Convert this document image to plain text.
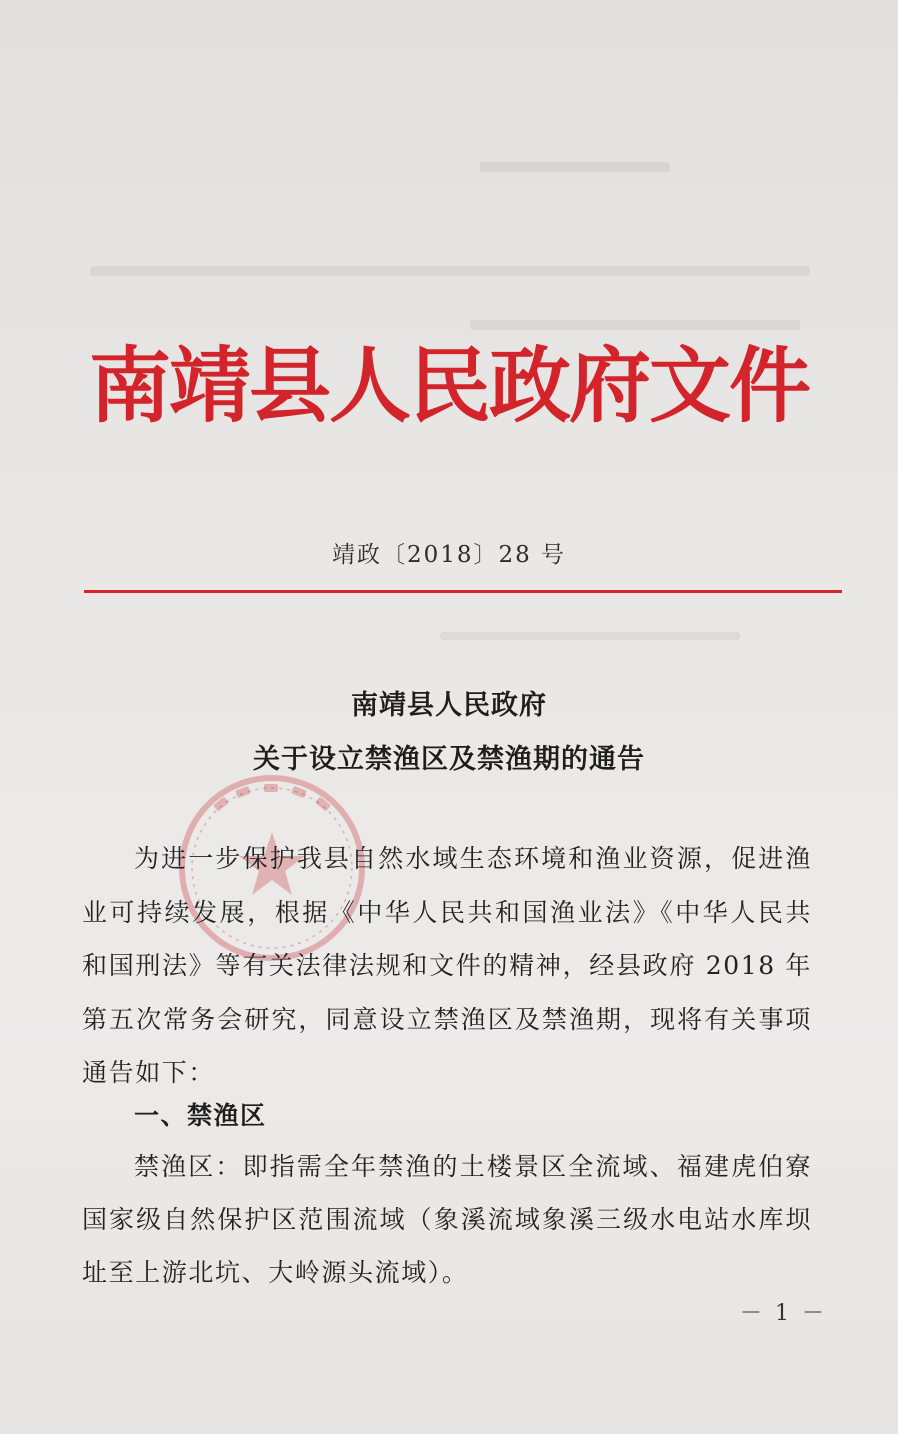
南靖县人民政府文件
靖政〔2018〕28 号
南靖县人民政府
关于设立禁渔区及禁渔期的通告

为进一步保护我县自然水域生态环境和渔业资源，促进渔业可持续发展，根据《中华人民共和国渔业法》《中华人民共和国刑法》等有关法律法规和文件的精神，经县政府 2018 年第五次常务会研究，同意设立禁渔区及禁渔期，现将有关事项通告如下：

一、禁渔区

禁渔区：即指需全年禁渔的土楼景区全流域、福建虎伯寮国家级自然保护区范围流域（象溪流域象溪三级水电站水库坝址至上游北坑、大岭源头流域）。

－ 1 －
